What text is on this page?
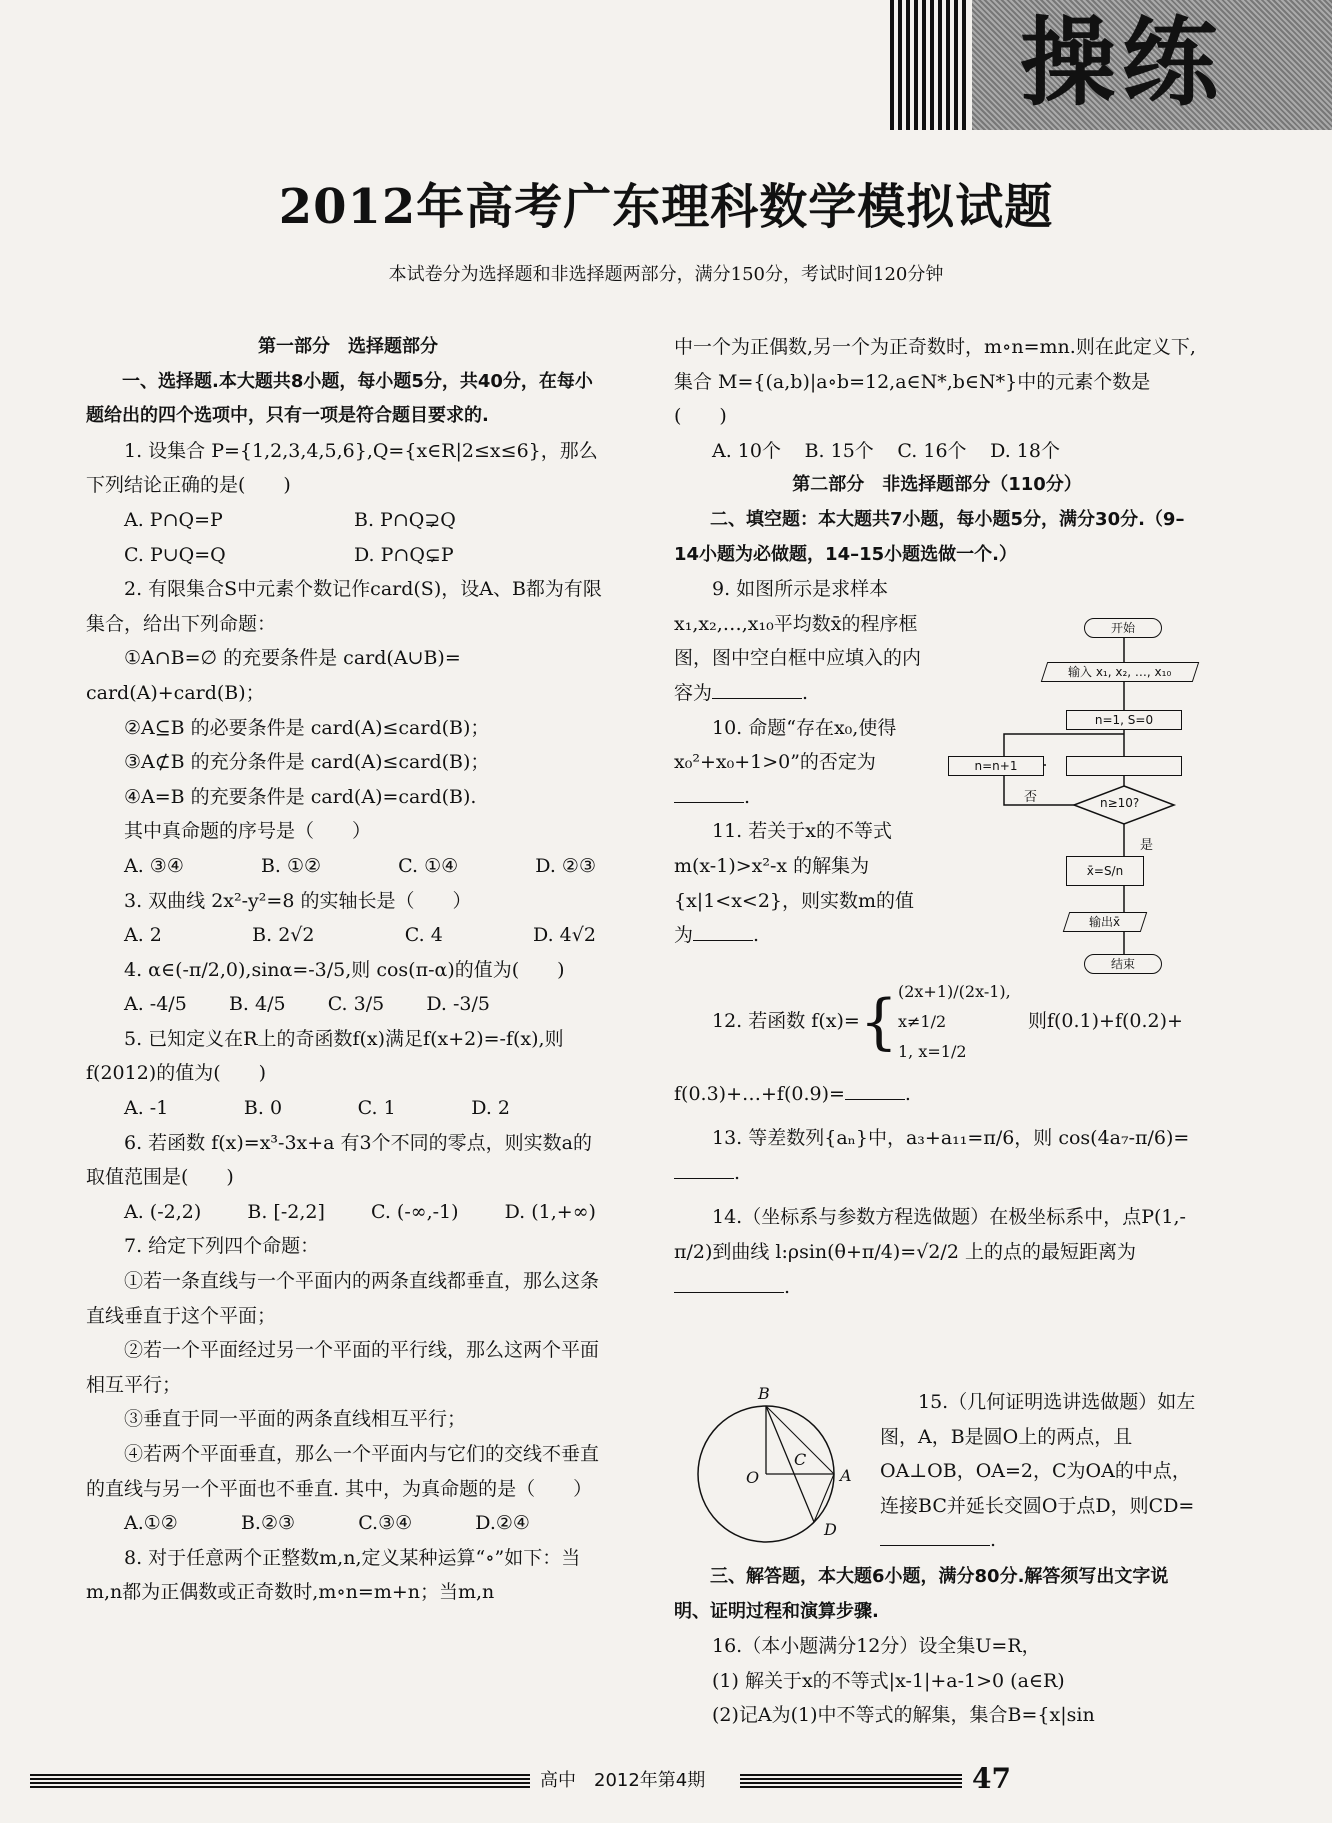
操练
2012年高考广东理科数学模拟试题
本试卷分为选择题和非选择题两部分，满分150分，考试时间120分钟

第一部分　选择题部分

一、选择题.本大题共8小题，每小题5分，共40分，在每小题给出的四个选项中，只有一项是符合题目要求的.

1. 设集合 P={1,2,3,4,5,6},Q={x∈R|2≤x≤6}，那么下列结论正确的是(　　)

A. P∩Q=P	B. P∩Q⊋Q
C. P∪Q=Q	D. P∩Q⊊P

2. 有限集合S中元素个数记作card(S)，设A、B都为有限集合，给出下列命题：

①A∩B=∅ 的充要条件是 card(A∪B)= card(A)+card(B)；

②A⊆B 的必要条件是 card(A)≤card(B)；

③A⊄B 的充分条件是 card(A)≤card(B)；

④A=B 的充要条件是 card(A)=card(B).

其中真命题的序号是（　　）

A. ③④	B. ①②	C. ①④	D. ②③

3. 双曲线 2x²-y²=8 的实轴长是（　　）

A. 2	B. 2√2	C. 4	D. 4√2

4. α∈(-π/2,0),sinα=-3/5,则 cos(π-α)的值为(　　)

A. -4/5 B. 4/5 C. 3/5 D. -3/5

5. 已知定义在R上的奇函数f(x)满足f(x+2)=-f(x),则f(2012)的值为(　　)

A. -1	B. 0	C. 1	D. 2

6. 若函数 f(x)=x³-3x+a 有3个不同的零点，则实数a的取值范围是(　　)

A. (-2,2) B. [-2,2] C. (-∞,-1) D. (1,+∞)

7. 给定下列四个命题：

①若一条直线与一个平面内的两条直线都垂直，那么这条直线垂直于这个平面；

②若一个平面经过另一个平面的平行线，那么这两个平面相互平行；

③垂直于同一平面的两条直线相互平行；

④若两个平面垂直，那么一个平面内与它们的交线不垂直的直线与另一个平面也不垂直. 其中，为真命题的是（　　）

A.①②	B.②③	C.③④	D.②④

8. 对于任意两个正整数m,n,定义某种运算“∘”如下：当m,n都为正偶数或正奇数时,m∘n=m+n；当m,n

中一个为正偶数,另一个为正奇数时，m∘n=mn.则在此定义下,集合 M={(a,b)|a∘b=12,a∈N*,b∈N*}中的元素个数是(　　)

A. 10个 B. 15个 C. 16个 D. 18个

第二部分　非选择题部分（110分）

二、填空题：本大题共7小题，每小题5分，满分30分.（9–14小题为必做题，14–15小题选做一个.）

9. 如图所示是求样本x₁,x₂,…,x₁₀平均数x̄的程序框图，图中空白框中应填入的内容为	.

10. 命题“存在x₀,使得x₀²+x₀+1>0”的否定为.

11. 若关于x的不等式 m(x-1)>x²-x 的解集为{x|1<x<2}，则实数m的值为	.

12. 若函数 f(x)= { (2x+1)/(2x-1), x≠1/2
1, x=1/2
则f(0.1)+f(0.2)+

f(0.3)+…+f(0.9)=	.

13. 等差数列{aₙ}中，a₃+a₁₁=π/6，则 cos(4a₇-π/6)=

.

14.（坐标系与参数方程选做题）在极坐标系中，点P(1,-π/2)到曲线 l:ρsin(θ+π/4)=√2/2 上的点的最短距离为.

开始
输入 x₁, x₂, …, x₁₀
n=1, S=0
n=n+1
否	n≥10?
是
x̄=S/n
输出x̄
结束
B
O
C
A
D

15.（几何证明选讲选做题）如左图，A，B是圆O上的两点，且OA⊥OB，OA=2，C为OA的中点，连接BC并延长交圆O于点D，则CD=.

三、解答题，本大题6小题，满分80分.解答须写出文字说明、证明过程和演算步骤.

16.（本小题满分12分）设全集U=R，

(1) 解关于x的不等式|x-1|+a-1>0 (a∈R)

(2)记A为(1)中不等式的解集，集合B={x|sin

高中　2012年第4期	47
